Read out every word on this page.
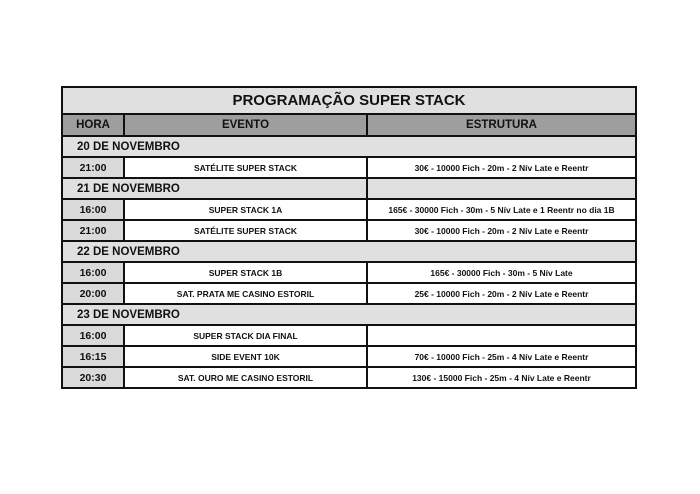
PROGRAMAÇÃO SUPER STACK
HORA	EVENTO	ESTRUTURA
20 DE NOVEMBRO
21:00	SATÉLITE SUPER STACK	30€ - 10000 Fich - 20m - 2 Nív Late e Reentr
21 DE NOVEMBRO
16:00	SUPER STACK 1A	165€ - 30000 Fich - 30m - 5 Nív Late e 1 Reentr no dia 1B
21:00	SATÉLITE SUPER STACK	30€ - 10000 Fich - 20m - 2 Nív Late e Reentr
22 DE NOVEMBRO
16:00	SUPER STACK 1B	165€ - 30000 Fich - 30m - 5 Nív Late
20:00	SAT. PRATA ME CASINO ESTORIL	25€ - 10000 Fich - 20m - 2 Nív Late e Reentr
23 DE NOVEMBRO
16:00	SUPER STACK DIA FINAL
16:15	SIDE EVENT 10K	70€ - 10000 Fich - 25m - 4 Nív Late e Reentr
20:30	SAT. OURO ME CASINO ESTORIL	130€ - 15000 Fich - 25m - 4 Nív Late e Reentr
